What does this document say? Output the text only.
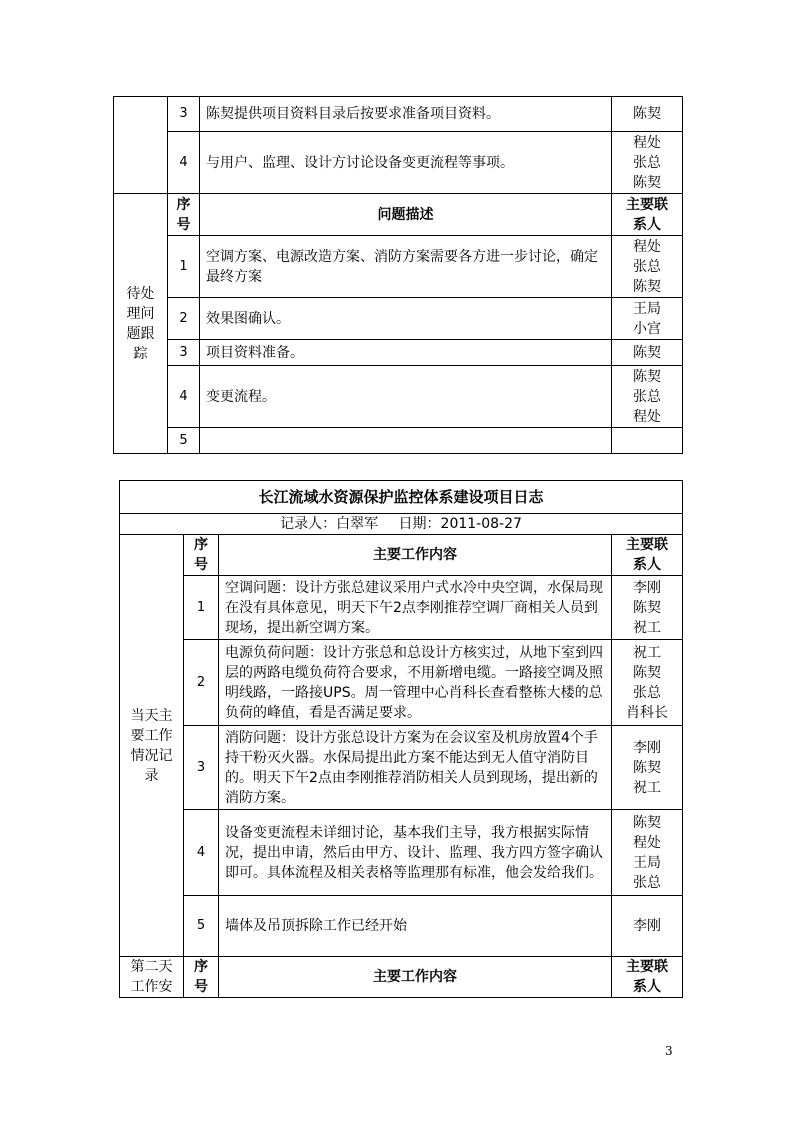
	3	陈契提供项目资料目录后按要求准备项目资料。	陈契

	4	与用户、监理、设计方讨论设备变更流程等事项。	程处
张总
陈契

待处理问题跟踪	序号	问题描述	主要联系人
	1	空调方案、电源改造方案、消防方案需要各方进一步讨论，确定最终方案	程处
张总
陈契

	2	效果图确认。	王局
小宫

	3	项目资料准备。	陈契

	4	变更流程。	陈契
张总
程处

	5		
长江流域水资源保护监控体系建设项目日志			
记录人：白翠军 日期：2011-08-27			
当天主要工作情况记录	序号	主要工作内容	主要联系人
	1	空调问题：设计方张总建议采用户式水冷中央空调，水保局现在没有具体意见，明天下午2点李刚推荐空调厂商相关人员到现场，提出新空调方案。	李刚
陈契
祝工

	2	电源负荷问题：设计方张总和总设计方核实过，从地下室到四层的两路电缆负荷符合要求，不用新增电缆。一路接空调及照明线路，一路接UPS。周一管理中心肖科长查看整栋大楼的总负荷的峰值，看是否满足要求。	祝工
陈契
张总
肖科长

	3	消防问题：设计方张总设计方案为在会议室及机房放置4个手持干粉灭火器。水保局提出此方案不能达到无人值守消防目的。明天下午2点由李刚推荐消防相关人员到现场，提出新的消防方案。	李刚
陈契
祝工

	4	设备变更流程未详细讨论，基本我们主导，我方根据实际情况，提出申请，然后由甲方、设计、监理、我方四方签字确认即可。具体流程及相关表格等监理那有标准，他会发给我们。	陈契
程处
王局
张总

	5	墙体及吊顶拆除工作已经开始	李刚

第二天工作安	序号	主要工作内容	主要联系人
3
